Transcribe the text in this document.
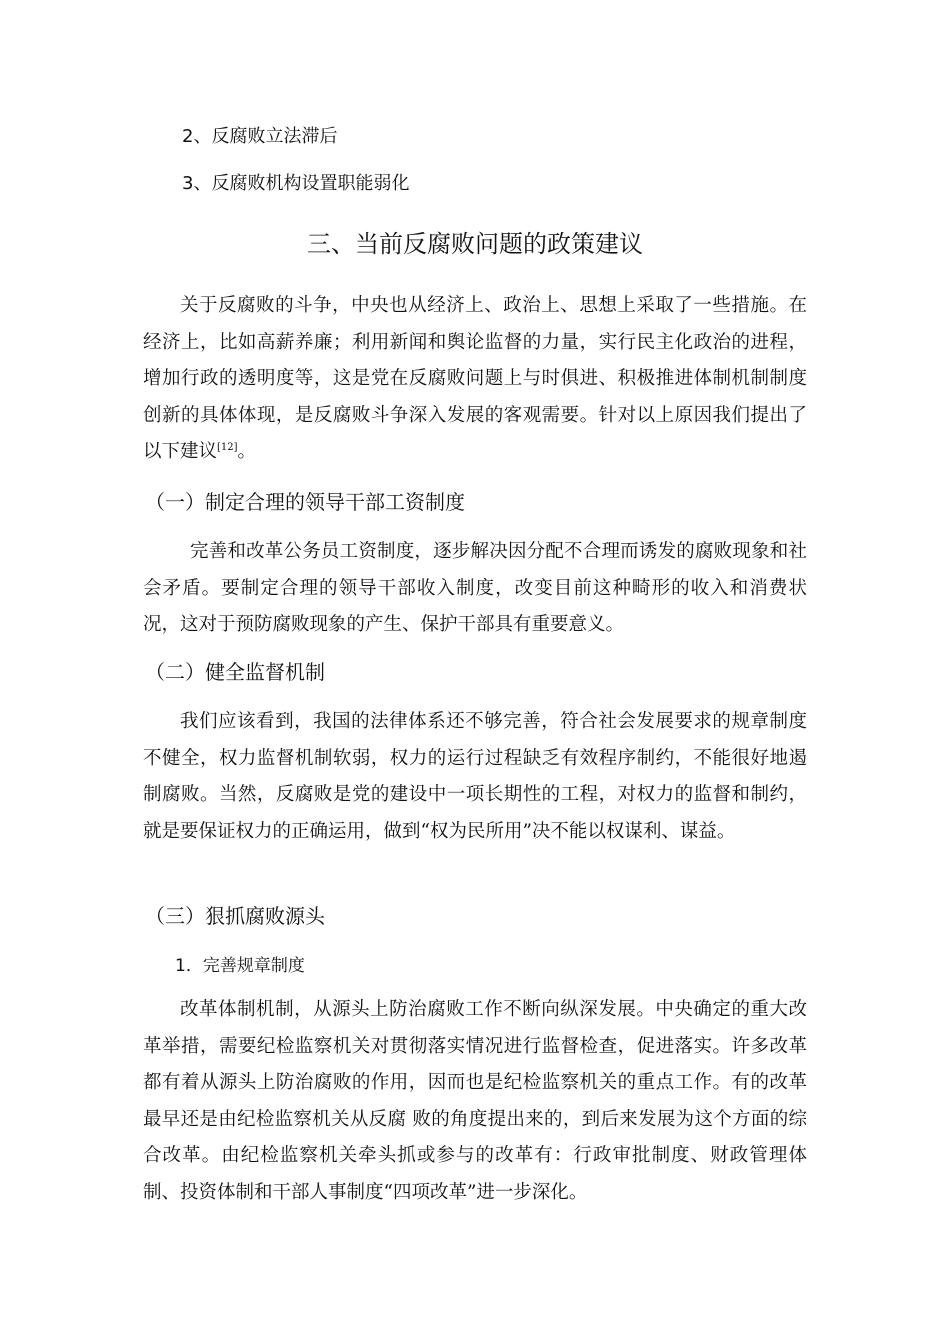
2、反腐败立法滞后
3、反腐败机构设置职能弱化
三、当前反腐败问题的政策建议

关于反腐败的斗争，中央也从经济上、政治上、思想上采取了一些措施。在经济上，比如高薪养廉；利用新闻和舆论监督的力量，实行民主化政治的进程，增加行政的透明度等，这是党在反腐败问题上与时俱进、积极推进体制机制制度创新的具体体现，是反腐败斗争深入发展的客观需要。针对以上原因我们提出了以下建议[12]。

（一）制定合理的领导干部工资制度

完善和改革公务员工资制度，逐步解决因分配不合理而诱发的腐败现象和社会矛盾。要制定合理的领导干部收入制度，改变目前这种畸形的收入和消费状况，这对于预防腐败现象的产生、保护干部具有重要意义。

（二）健全监督机制

我们应该看到，我国的法律体系还不够完善，符合社会发展要求的规章制度不健全，权力监督机制软弱，权力的运行过程缺乏有效程序制约，不能很好地遏制腐败。当然，反腐败是党的建设中一项长期性的工程，对权力的监督和制约，就是要保证权力的正确运用，做到“权为民所用”决不能以权谋利、谋益。

（三）狠抓腐败源头
1．完善规章制度

改革体制机制，从源头上防治腐败工作不断向纵深发展。中央确定的重大改革举措，需要纪检监察机关对贯彻落实情况进行监督检查，促进落实。许多改革都有着从源头上防治腐败的作用，因而也是纪检监察机关的重点工作。有的改革最早还是由纪检监察机关从反腐 败的角度提出来的，到后来发展为这个方面的综合改革。由纪检监察机关牵头抓或参与的改革有：行政审批制度、财政管理体制、投资体制和干部人事制度“四项改革”进一步深化。
